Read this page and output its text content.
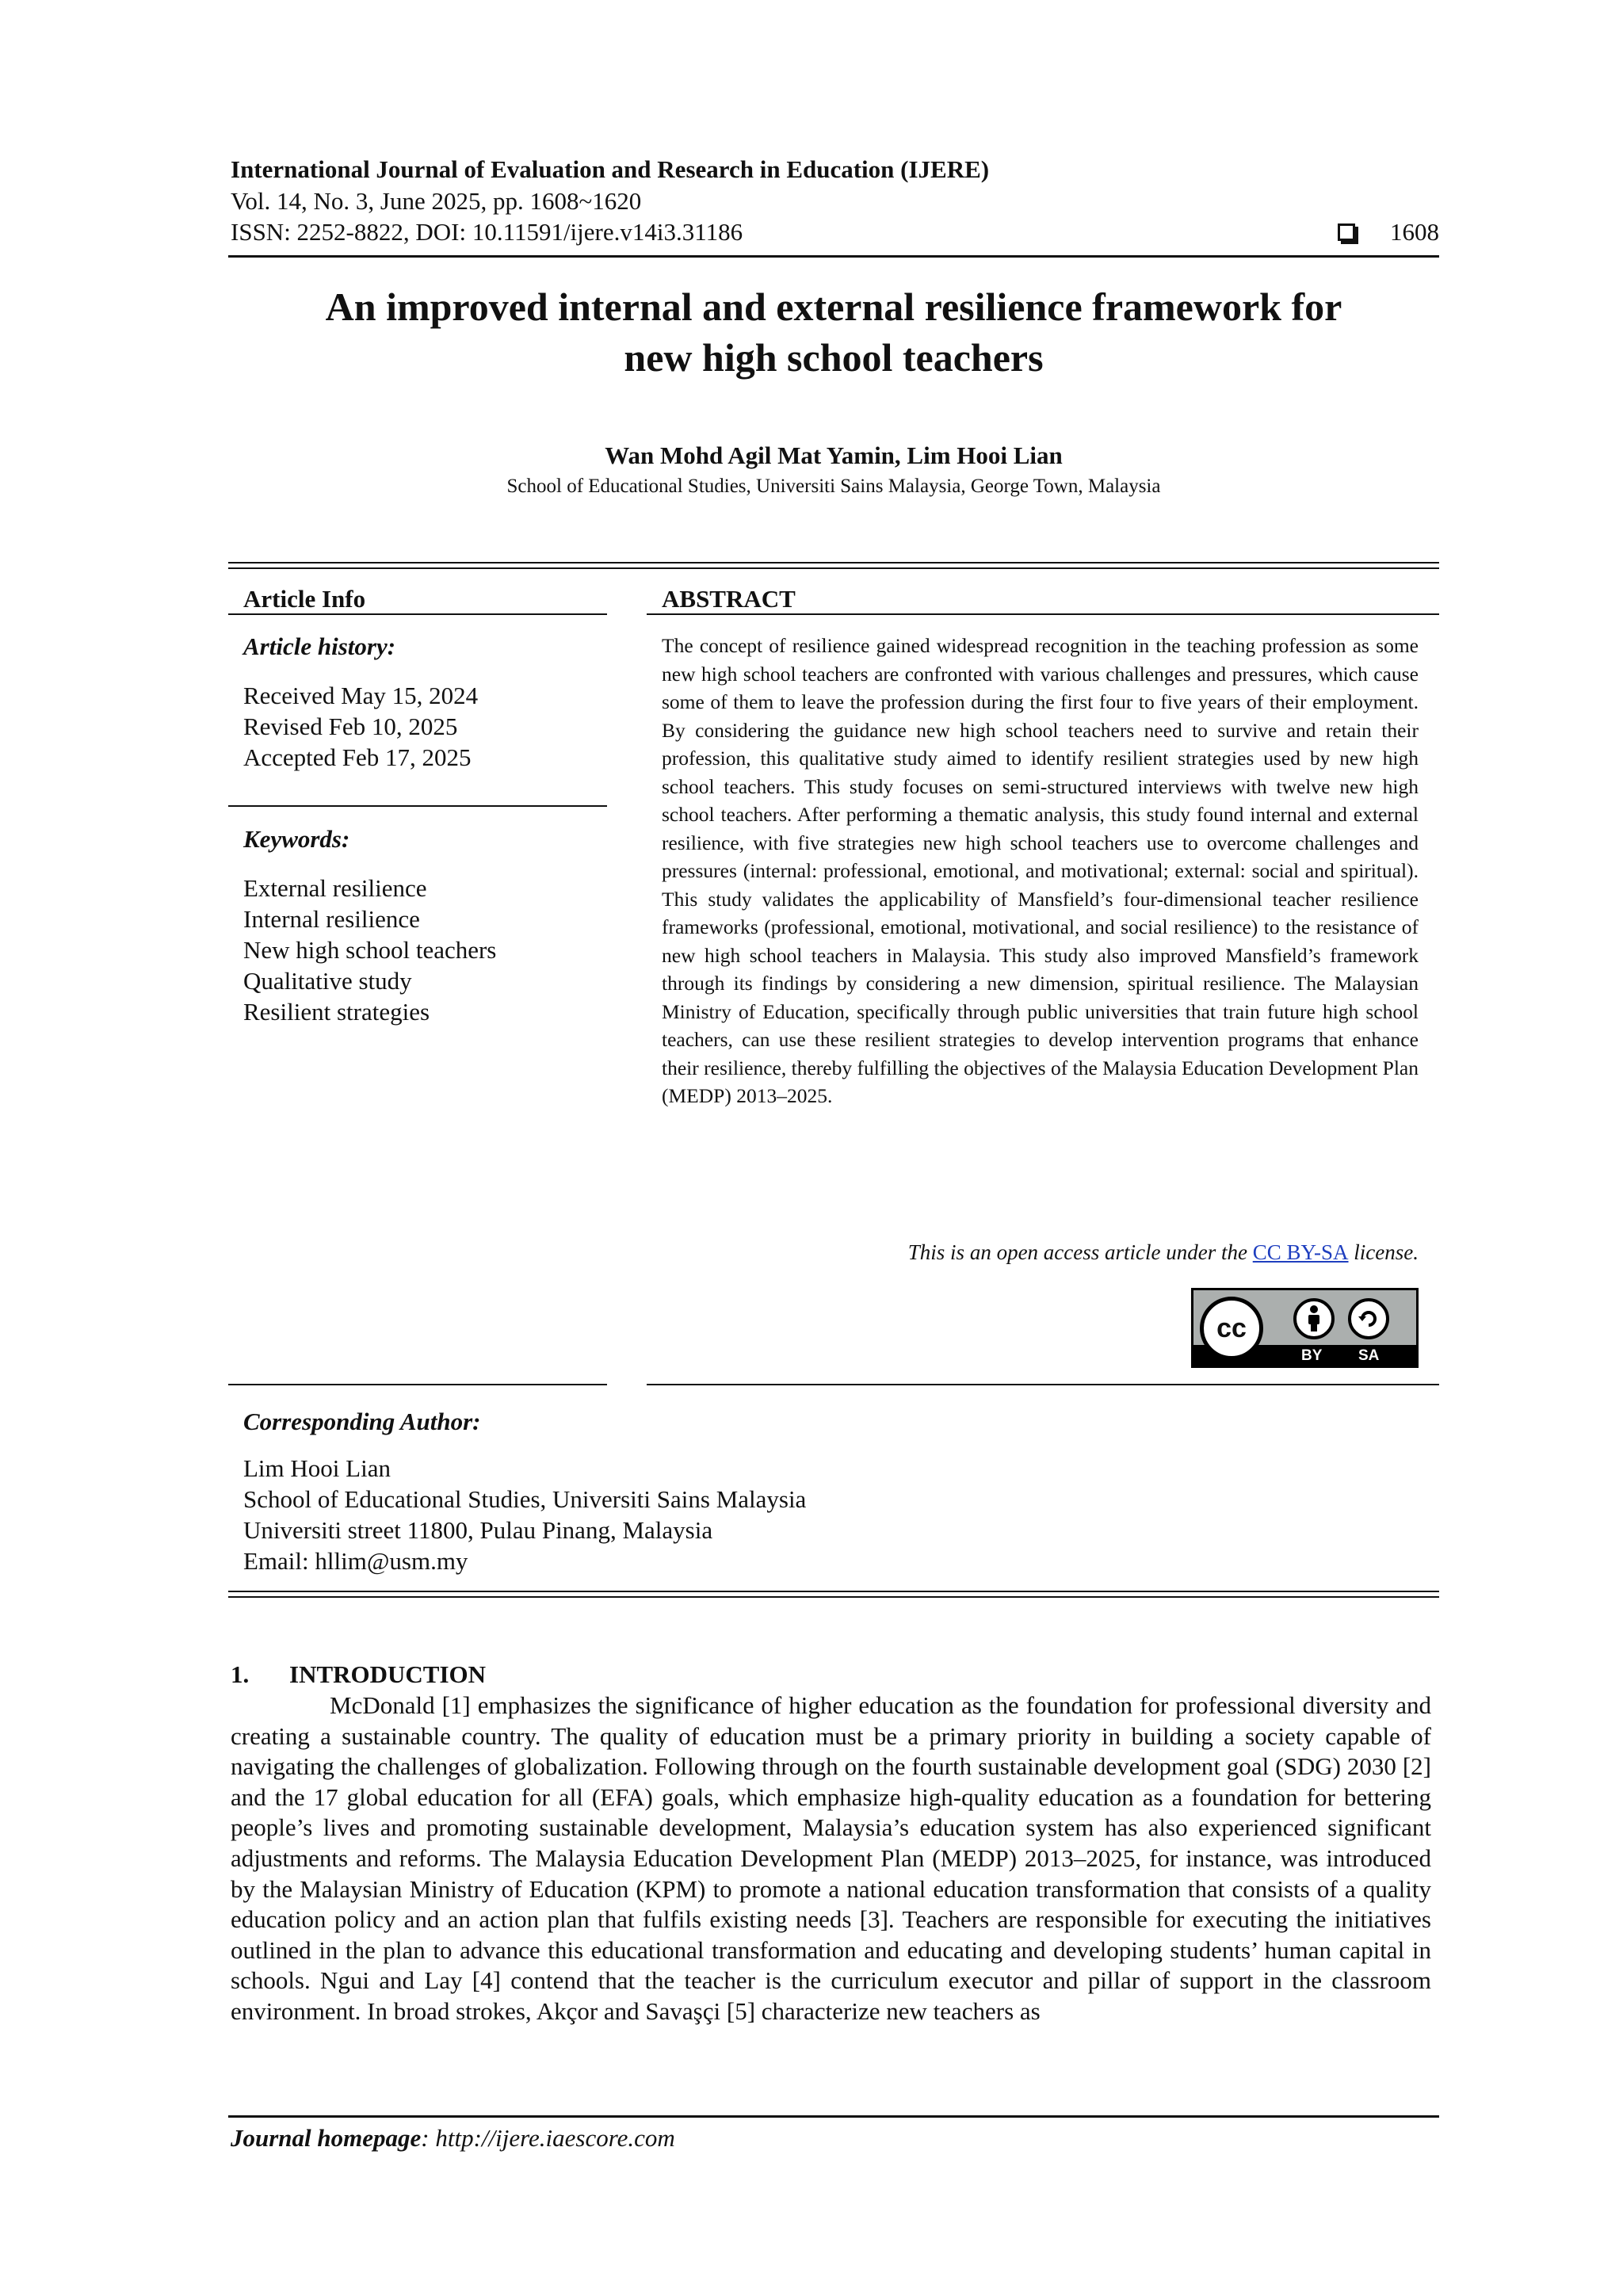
International Journal of Evaluation and Research in Education (IJERE)
Vol. 14, No. 3, June 2025, pp. 1608~1620
ISSN: 2252-8822, DOI: 10.11591/ijere.v14i3.31186	1608
An improved internal and external resilience framework for
new high school teachers
Wan Mohd Agil Mat Yamin, Lim Hooi Lian
School of Educational Studies, Universiti Sains Malaysia, George Town, Malaysia
Article Info
Article history:
Received May 15, 2024
Revised Feb 10, 2025
Accepted Feb 17, 2025
Keywords:
External resilience
Internal resilience
New high school teachers
Qualitative study
Resilient strategies
ABSTRACT
The concept of resilience gained widespread recognition in the teaching profession as some new high school teachers are confronted with various challenges and pressures, which cause some of them to leave the profession during the first four to five years of their employment. By considering the guidance new high school teachers need to survive and retain their profession, this qualitative study aimed to identify resilient strategies used by new high school teachers. This study focuses on semi-structured interviews with twelve new high school teachers. After performing a thematic analysis, this study found internal and external resilience, with five strategies new high school teachers use to overcome challenges and pressures (internal: professional, emotional, and motivational; external: social and spiritual). This study validates the applicability of Mansfield’s four-dimensional teacher resilience frameworks (professional, emotional, motivational, and social resilience) to the resistance of new high school teachers in Malaysia. This study also improved Mansfield’s framework through its findings by considering a new dimension, spiritual resilience. The Malaysian Ministry of Education, specifically through public universities that train future high school teachers, can use these resilient strategies to develop intervention programs that enhance their resilience, thereby fulfilling the objectives of the Malaysia Education Development Plan (MEDP) 2013–2025.
This is an open access article under the CC BY-SA license.
cc
BY SA
Corresponding Author:
Lim Hooi Lian
School of Educational Studies, Universiti Sains Malaysia
Universiti street 11800, Pulau Pinang, Malaysia
Email: hllim@usm.my
1. INTRODUCTION
McDonald [1] emphasizes the significance of higher education as the foundation for professional diversity and creating a sustainable country. The quality of education must be a primary priority in building a society capable of navigating the challenges of globalization. Following through on the fourth sustainable development goal (SDG) 2030 [2] and the 17 global education for all (EFA) goals, which emphasize high-quality education as a foundation for bettering people’s lives and promoting sustainable development, Malaysia’s education system has also experienced significant adjustments and reforms. The Malaysia Education Development Plan (MEDP) 2013–2025, for instance, was introduced by the Malaysian Ministry of Education (KPM) to promote a national education transformation that consists of a quality education policy and an action plan that fulfils existing needs [3]. Teachers are responsible for executing the initiatives outlined in the plan to advance this educational transformation and educating and developing students’ human capital in schools. Ngui and Lay [4] contend that the teacher is the curriculum executor and pillar of support in the classroom environment. In broad strokes, Akçor and Savaşçi [5] characterize new teachers as
Journal homepage: http://ijere.iaescore.com
